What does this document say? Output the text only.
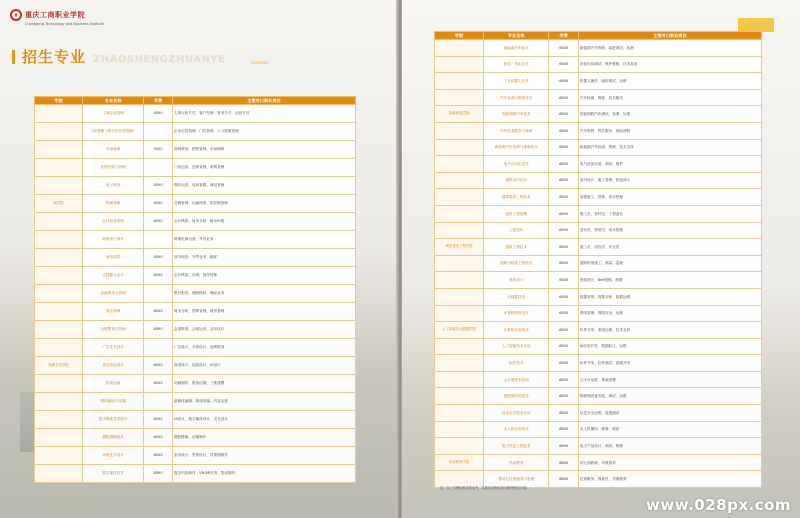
✦ 重庆工商职业学院
Chongqing Technology and Business Institute
招生专业 ZHAOSHENGZHUANYE	››››››››
学院	专业名称	学费	主要对口职业岗位
	工商企业管理	6000	人事行政专员、客户经理、财务专员、运营专员
	工商管理（数字化经营管理）		企业运营管理、门店管理、人力资源管理
	市场营销	5500	营销策划、销售管理、市场调研
	连锁经营与管理		门店运营、连锁管理、采购管理
	电子商务	6000	网店运营、电商客服、商品管理
商学院	物流管理	6000	仓储管理、运输调度、供应链管理
	会计信息管理	6000	会计核算、财务分析、税务申报
	跨境电子商务		跨境电商运营、外贸业务
	商务英语	6000	涉外商务、外贸业务、翻译
	大数据与会计	6000	会计核算、出纳、财务管理
	金融服务与管理		银行柜员、理财顾问、保险业务
	财务管理	6000	财务分析、预算管理、财务管理
	会展策划与管理	6000	会展策划、会展运营、活动执行
	广告艺术设计		广告设计、平面设计、品牌策划
传媒艺术学院	视觉传达设计	6000	视觉设计、包装设计、VI设计
	影视动画	6000	动画制作、影视后期、三维建模
	网络新闻与传播		新媒体编辑、新闻采编、内容运营
	数字媒体艺术设计	6000	UI设计、数字媒体设计、交互设计
	摄影摄像技术	6000	摄影摄像、后期制作
	环境艺术设计	6000	室内设计、景观设计、效果图制作
	数字媒体技术	6000	数字内容制作、VR/AR开发、影音制作
学院	专业名称	学费	主要对口职业岗位
	新能源汽车技术	6800	新能源汽车维修、装配调试、检测
	机电一体化技术	6800	设备安装调试、维护维修、技术改造
	工业机器人技术	6800	机器人操作、编程调试、运维
	汽车检测与维修技术	6800	汽车检测、维修、技术服务
智能制造学院	智能网联汽车技术	6800	智能网联汽车测试、装调、运维
	汽车技术服务与营销	6800	汽车销售、售后服务、保险理赔
	新能源汽车检测与维修技术	6800	新能源汽车检测、维修、技术支持
	电气自动化技术	6800	电气设备安装、调试、维护
	建筑室内设计	6800	室内设计、施工管理、软装设计
	建筑装饰工程技术	6800	装饰施工、预算、项目管理
	建设工程管理	6800	施工员、资料员、工程造价
	工程造价	6800	造价员、预算员、成本管理
城市建设工程学院	建筑工程技术	6800	施工员、质检员、安全员
	道路与桥梁工程技术	6800	道路桥梁施工、测量、监理
	建筑设计	6800	建筑设计、BIM建模、制图
	大数据技术	6800	数据采集、数据分析、数据运维
	计算机网络技术	6800	网络管理、网络安全、运维
人工智能与大数据学院	计算机应用技术	6800	软件开发、系统运维、技术支持
	人工智能技术应用	6800	AI应用开发、数据标注、运维
	软件技术	6800	软件开发、软件测试、前端开发
	云计算技术应用	6800	云平台运维、系统部署
	物联网应用技术	6800	物联网设备安装、调试、运维
	信息安全技术应用	6800	信息安全运维、渗透测试
	无人机应用技术	6800	无人机操控、维修、航拍
	电子信息工程技术	6800	电子产品设计、调试、维修
学前教育学院	学前教育	6800	幼儿园教师、早教指导
	婴幼儿托育服务与管理	6800	托育服务、保育员、早期教育
注：以上学费标准仅供参考，以重庆市物价部门最终核定为准。
www.028px.com
